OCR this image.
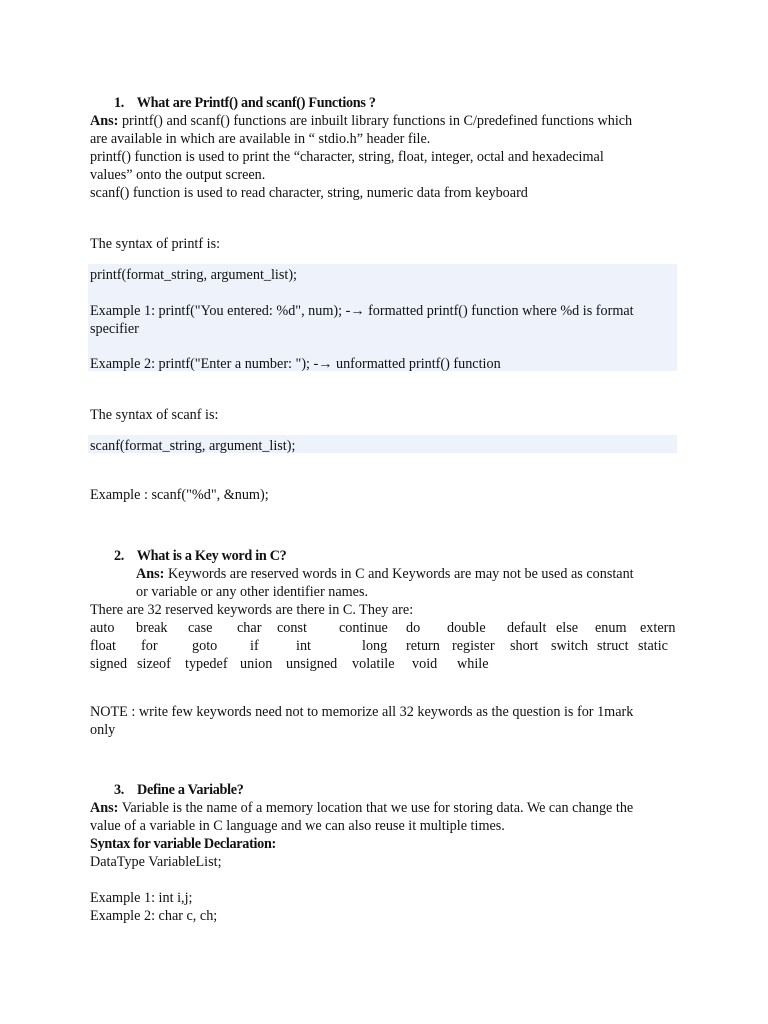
1. What are Printf() and scanf() Functions ?
Ans: printf() and scanf() functions are inbuilt library functions in C/predefined functions which
are available in which are available in “ stdio.h” header file.
printf() function is used to print the “character, string, float, integer, octal and hexadecimal
values” onto the output screen.
scanf() function is used to read character, string, numeric data from keyboard
The syntax of printf is:
printf(format_string, argument_list);
Example 1: printf("You entered: %d", num); -→ formatted printf() function where %d is format
specifier
Example 2: printf("Enter a number: "); -→ unformatted printf() function
The syntax of scanf is:
scanf(format_string, argument_list);
Example : scanf("%d", &num);
2. What is a Key word in C?
Ans: Keywords are reserved words in C and Keywords are may not be used as constant
or variable or any other identifier names.
There are 32 reserved keywords are there in C. They are:
auto break case char const continue do double default else enum extern
float for goto if	int	long return register short switch struct static
signed sizeof typedef union unsigned volatile void while
NOTE : write few keywords need not to memorize all 32 keywords as the question is for 1mark
only
3. Define a Variable?
Ans: Variable is the name of a memory location that we use for storing data. We can change the
value of a variable in C language and we can also reuse it multiple times.
Syntax for variable Declaration:
DataType VariableList;
Example 1: int i,j;
Example 2: char c, ch;
